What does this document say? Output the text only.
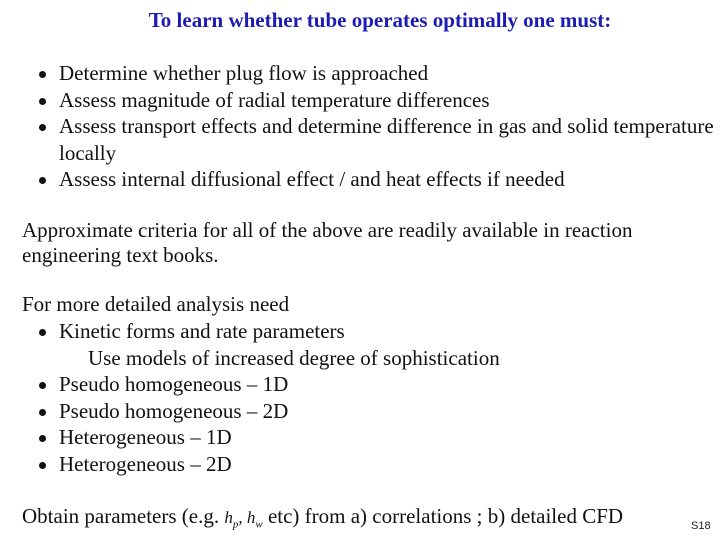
To learn whether tube operates optimally one must:
Determine whether plug flow is approached
Assess magnitude of radial temperature differences
Assess transport effects and determine difference in gas and solid temperature locally
Assess internal diffusional effect / and heat effects if needed

Approximate criteria for all of the above are readily available in reaction engineering text books.

For more detailed analysis need

Kinetic forms and rate parameters
Use models of increased degree of sophistication
Pseudo homogeneous – 1D
Pseudo homogeneous – 2D
Heterogeneous – 1D
Heterogeneous – 2D

Obtain parameters (e.g. $h_p$, $h_w$ etc) from a) correlations ; b) detailed CFD	S18
